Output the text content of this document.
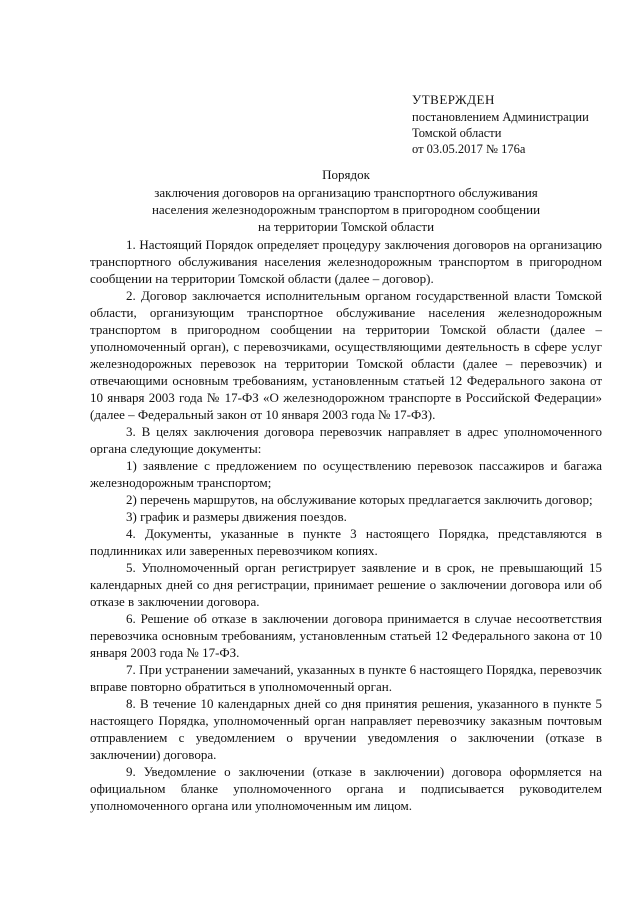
УТВЕРЖДЕН
постановлением Администрации
Томской области
от 03.05.2017 № 176а
Порядок
заключения договоров на организацию транспортного обслуживания
населения железнодорожным транспортом в пригородном сообщении
на территории Томской области

1. Настоящий Порядок определяет процедуру заключения договоров на организацию транспортного обслуживания населения железнодорожным транспортом в пригородном сообщении на территории Томской области (далее – договор).

2. Договор заключается исполнительным органом государственной власти Томской области, организующим транспортное обслуживание населения железнодорожным транспортом в пригородном сообщении на территории Томской области (далее – уполномоченный орган), с перевозчиками, осуществляющими деятельность в сфере услуг железнодорожных перевозок на территории Томской области (далее – перевозчик) и отвечающими основным требованиям, установленным статьей 12 Федерального закона от 10 января 2003 года № 17-ФЗ «О железнодорожном транспорте в Российской Федерации» (далее – Федеральный закон от 10 января 2003 года № 17-ФЗ).

3. В целях заключения договора перевозчик направляет в адрес уполномоченного органа следующие документы:

1) заявление с предложением по осуществлению перевозок пассажиров и багажа железнодорожным транспортом;

2) перечень маршрутов, на обслуживание которых предлагается заключить договор;

3) график и размеры движения поездов.

4. Документы, указанные в пункте 3 настоящего Порядка, представляются в подлинниках или заверенных перевозчиком копиях.

5. Уполномоченный орган регистрирует заявление и в срок, не превышающий 15 календарных дней со дня регистрации, принимает решение о заключении договора или об отказе в заключении договора.

6. Решение об отказе в заключении договора принимается в случае несоответствия перевозчика основным требованиям, установленным статьей 12 Федерального закона от 10 января 2003 года № 17-ФЗ.

7. При устранении замечаний, указанных в пункте 6 настоящего Порядка, перевозчик вправе повторно обратиться в уполномоченный орган.

8. В течение 10 календарных дней со дня принятия решения, указанного в пункте 5 настоящего Порядка, уполномоченный орган направляет перевозчику заказным почтовым отправлением с уведомлением о вручении уведомления о заключении (отказе в заключении) договора.

9. Уведомление о заключении (отказе в заключении) договора оформляется на официальном бланке уполномоченного органа и подписывается руководителем уполномоченного органа или уполномоченным им лицом.
